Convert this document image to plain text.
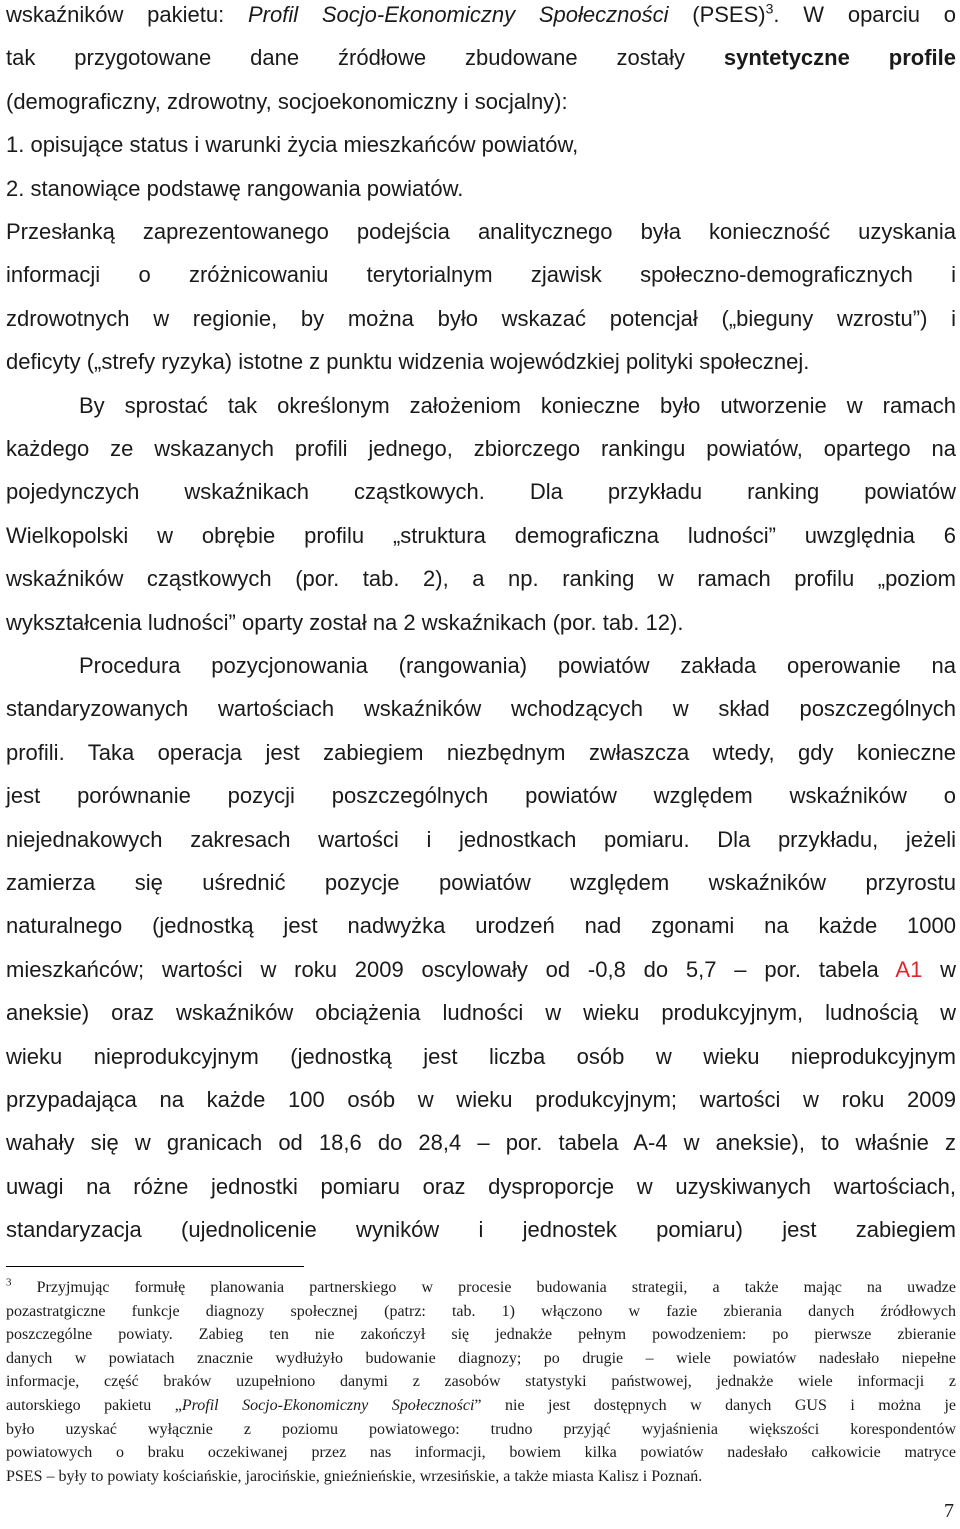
wskaźników pakietu: Profil Socjo-Ekonomiczny Społeczności (PSES)$^3$. W oparciu o
tak przygotowane dane źródłowe zbudowane zostały syntetyczne profile
(demograficzny, zdrowotny, socjoekonomiczny i socjalny):
1. opisujące status i warunki życia mieszkańców powiatów,
2. stanowiące podstawę rangowania powiatów.
Przesłanką zaprezentowanego podejścia analitycznego była konieczność uzyskania
informacji o zróżnicowaniu terytorialnym zjawisk społeczno-demograficznych i
zdrowotnych w regionie, by można było wskazać potencjał („bieguny wzrostu”) i
deficyty („strefy ryzyka) istotne z punktu widzenia wojewódzkiej polityki społecznej.
By sprostać tak określonym założeniom konieczne było utworzenie w ramach
każdego ze wskazanych profili jednego, zbiorczego rankingu powiatów, opartego na
pojedynczych wskaźnikach cząstkowych. Dla przykładu ranking powiatów
Wielkopolski w obrębie profilu „struktura demograficzna ludności” uwzględnia 6
wskaźników cząstkowych (por. tab. 2), a np. ranking w ramach profilu „poziom
wykształcenia ludności” oparty został na 2 wskaźnikach (por. tab. 12).
Procedura pozycjonowania (rangowania) powiatów zakłada operowanie na
standaryzowanych wartościach wskaźników wchodzących w skład poszczególnych
profili. Taka operacja jest zabiegiem niezbędnym zwłaszcza wtedy, gdy konieczne
jest porównanie pozycji poszczególnych powiatów względem wskaźników o
niejednakowych zakresach wartości i jednostkach pomiaru. Dla przykładu, jeżeli
zamierza się uśrednić pozycje powiatów względem wskaźników przyrostu
naturalnego (jednostką jest nadwyżka urodzeń nad zgonami na każde 1000
mieszkańców; wartości w roku 2009 oscylowały od -0,8 do 5,7 – por. tabela A1 w
aneksie) oraz wskaźników obciążenia ludności w wieku produkcyjnym, ludnością w
wieku nieprodukcyjnym (jednostką jest liczba osób w wieku nieprodukcyjnym
przypadająca na każde 100 osób w wieku produkcyjnym; wartości w roku 2009
wahały się w granicach od 18,6 do 28,4 – por. tabela A-4 w aneksie), to właśnie z
uwagi na różne jednostki pomiaru oraz dysproporcje w uzyskiwanych wartościach,
standaryzacja (ujednolicenie wyników i jednostek pomiaru) jest zabiegiem
$^3$ Przyjmując formułę planowania partnerskiego w procesie budowania strategii, a także mając na uwadze
pozastratgiczne funkcje diagnozy społecznej (patrz: tab. 1) włączono w fazie zbierania danych źródłowych
poszczególne powiaty. Zabieg ten nie zakończył się jednakże pełnym powodzeniem: po pierwsze zbieranie
danych w powiatach znacznie wydłużyło budowanie diagnozy; po drugie – wiele powiatów nadesłało niepełne
informacje, część braków uzupełniono danymi z zasobów statystyki państwowej, jednakże wiele informacji z
autorskiego pakietu „Profil Socjo-Ekonomiczny Społeczności” nie jest dostępnych w danych GUS i można je
było uzyskać wyłącznie z poziomu powiatowego: trudno przyjąć wyjaśnienia większości korespondentów
powiatowych o braku oczekiwanej przez nas informacji, bowiem kilka powiatów nadesłało całkowicie matryce
PSES – były to powiaty kościańskie, jarocińskie, gnieźnieńskie, wrzesińskie, a także miasta Kalisz i Poznań.
7
